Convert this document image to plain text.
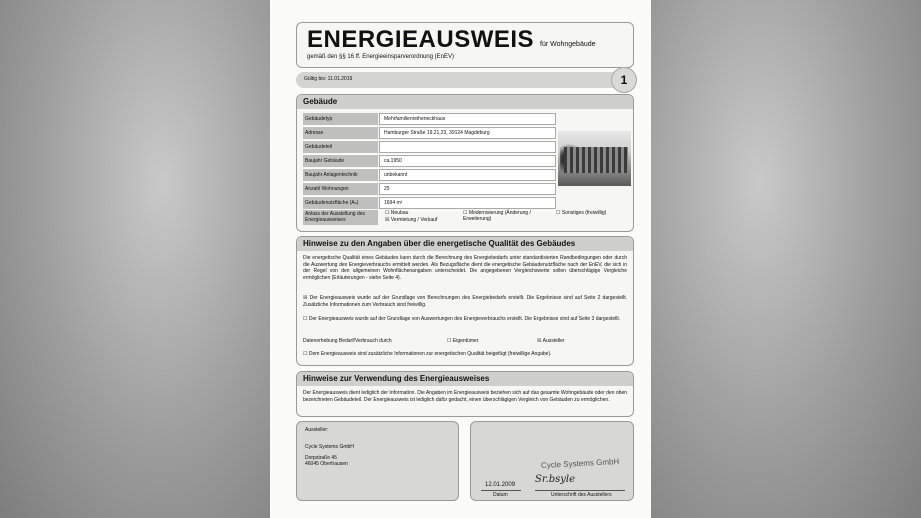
ENERGIEAUSWEIS für Wohngebäude
gemäß den §§ 16 ff. Energieeinsparverordnung (EnEV)
Gültig bis: 11.01.2019	1
Gebäude
Gebäudetyp	Mehrfamilienreiheneckhaus
Adresse	Hamburger Straße 19,21,23, 39124 Magdeburg
Gebäudeteil
Baujahr Gebäude	ca.1950
Baujahr Anlagentechnik	unbekannt
Anzahl Wohnungen	25
Gebäudenutzfläche (Aₙ)	1694 m²
Anlass der Ausstellung des Energieausweises
☐ Neubau
☒ Vermietung / Verkauf
☐ Modernisierung (Änderung / Erweiterung)
☐ Sonstiges (freiwillig)
Hinweise zu den Angaben über die energetische Qualität des Gebäudes
Die energetische Qualität eines Gebäudes kann durch die Berechnung des Energiebedarfs unter standardisierten Randbedingungen oder durch die Auswertung des Energieverbrauchs ermittelt werden. Als Bezugsfläche dient die energetische Gebäudenutzfläche nach der EnEV, die sich in der Regel von den allgemeinen Wohnflächenangaben unterscheidet. Die angegebenen Vergleichswerte sollen überschlägige Vergleiche ermöglichen (Erläuterungen - siehe Seite 4).
☒ Der Energieausweis wurde auf der Grundlage von Berechnungen des Energiebedarfs erstellt. Die Ergebnisse sind auf Seite 2 dargestellt. Zusätzliche Informationen zum Verbrauch sind freiwillig.
☐ Der Energieausweis wurde auf der Grundlage von Auswertungen des Energieverbrauchs erstellt. Die Ergebnisse sind auf Seite 3 dargestellt.
Datenerhebung Bedarf/Verbrauch durch	☐ Eigentümer	☒ Aussteller
☐ Dem Energieausweis sind zusätzliche Informationen zur energetischen Qualität beigefügt (freiwillige Angabe).
Hinweise zur Verwendung des Energieausweises
Der Energieausweis dient lediglich der Information. Die Angaben im Energieausweis beziehen sich auf das gesamte Wohngebäude oder den oben bezeichneten Gebäudeteil. Der Energieausweis ist lediglich dafür gedacht, einen überschlägigen Vergleich von Gebäuden zu ermöglichen.
Aussteller:
Cycle Systems GmbH
Dorpstraße 45
46045 Oberhausen	Cycle Systems GmbH
Sr.bsyle
12.01.2009
Datum	Unterschrift des Ausstellers
